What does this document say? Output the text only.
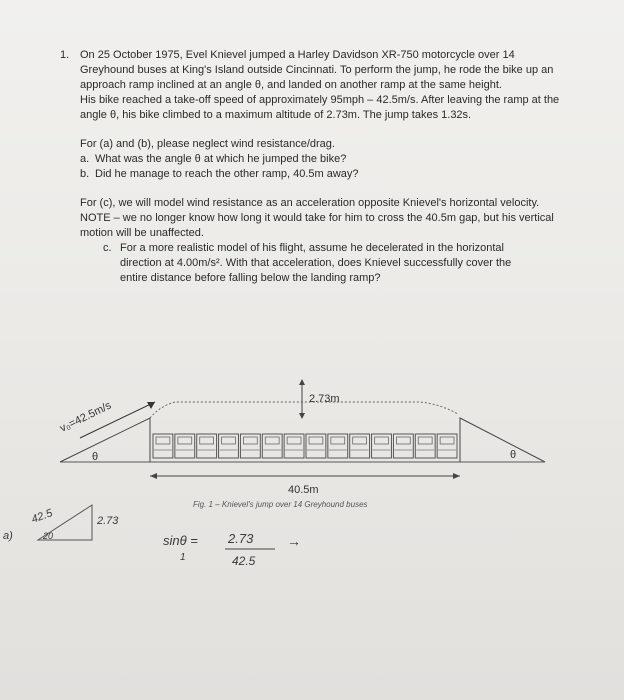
1. On 25 October 1975, Evel Knievel jumped a Harley Davidson XR-750 motorcycle over 14 Greyhound buses at King's Island outside Cincinnati. To perform the jump, he rode the bike up an approach ramp inclined at an angle θ, and landed on another ramp at the same height.

His bike reached a take-off speed of approximately 95mph – 42.5m/s. After leaving the ramp at the angle θ, his bike climbed to a maximum altitude of 2.73m. The jump takes 1.32s.

For (a) and (b), please neglect wind resistance/drag.

a. What was the angle θ at which he jumped the bike?
b. Did he manage to reach the other ramp, 40.5m away?

For (c), we will model wind resistance as an acceleration opposite Knievel's horizontal velocity. NOTE – we no longer know how long it would take for him to cross the 40.5m gap, but his vertical motion will be unaffected.

c. For a more realistic model of his flight, assume he decelerated in the horizontal direction at 4.00m/s². With that acceleration, does Knievel successfully cover the entire distance before falling below the landing ramp?
v₀=42.5m/s
2.73m
θ	θ
40.5m
Fig. 1 – Knievel's jump over 14 Greyhound buses
a)
42.5
20
2.73
sinθ = 2.73
42.5
1
→
